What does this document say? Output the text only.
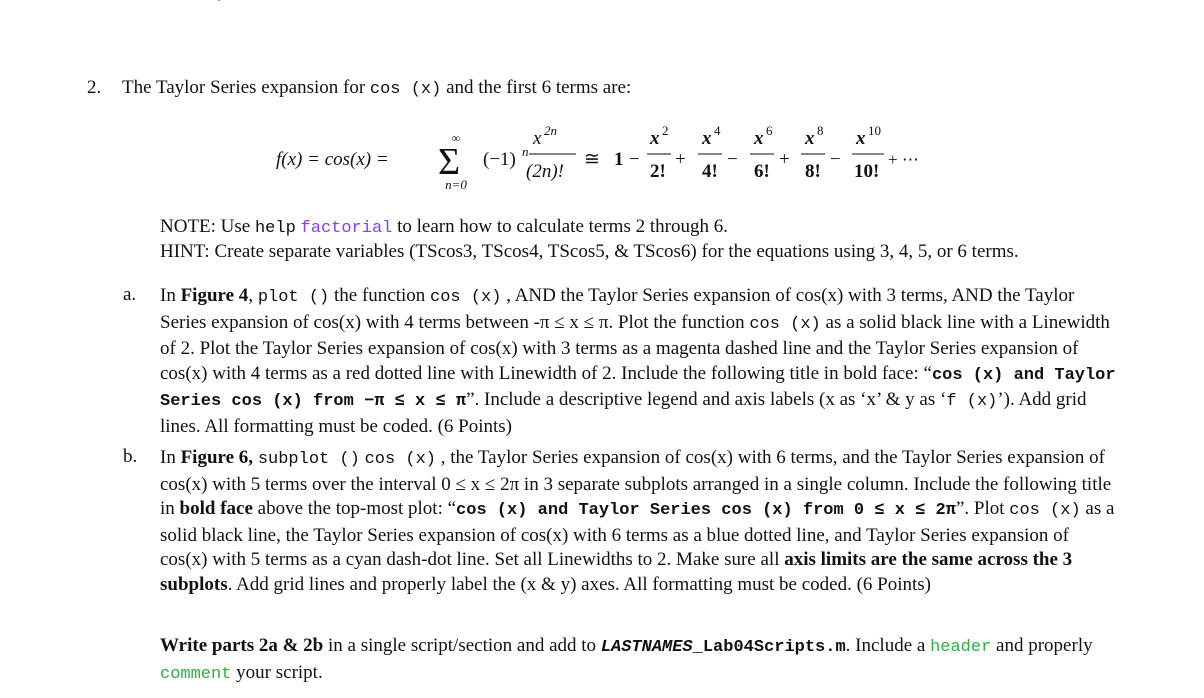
2. The Taylor Series expansion for cos (x) and the first 6 terms are:
f(x) = cos(x) =
∞
Σ
n=0
(−1) n
x 2n
(2n)!
≅ 1 −
x 2
2!
+
x 4
4!
−
x 6
6!
+
x 8
8!
−
x 10
10!
+ ⋯
NOTE: Use help factorial to learn how to calculate terms 2 through 6.
HINT: Create separate variables (TScos3, TScos4, TScos5, & TScos6) for the equations using 3, 4, 5, or 6 terms.
a. In Figure 4, plot () the function cos (x) , AND the Taylor Series expansion of cos(x) with 3 terms, AND the Taylor Series expansion of cos(x) with 4 terms between -π ≤ x ≤ π. Plot the function cos (x) as a solid black line with a Linewidth of 2. Plot the Taylor Series expansion of cos(x) with 3 terms as a magenta dashed line and the Taylor Series expansion of cos(x) with 4 terms as a red dotted line with Linewidth of 2. Include the following title in bold face: “cos (x) and Taylor Series cos (x) from −π ≤ x ≤ π”. Include a descriptive legend and axis labels (x as ‘x’ & y as ‘f (x)’). Add grid lines. All formatting must be coded. (6 Points)
b. In Figure 6, subplot () cos (x) , the Taylor Series expansion of cos(x) with 6 terms, and the Taylor Series expansion of cos(x) with 5 terms over the interval 0 ≤ x ≤ 2π in 3 separate subplots arranged in a single column. Include the following title in bold face above the top-most plot: “cos (x) and Taylor Series cos (x) from 0 ≤ x ≤ 2π”. Plot cos (x) as a solid black line, the Taylor Series expansion of cos(x) with 6 terms as a blue dotted line, and Taylor Series expansion of cos(x) with 5 terms as a cyan dash-dot line. Set all Linewidths to 2. Make sure all axis limits are the same across the 3 subplots. Add grid lines and properly label the (x & y) axes. All formatting must be coded. (6 Points)
Write parts 2a & 2b in a single script/section and add to LASTNAMES_Lab04Scripts.m. Include a header and properly comment your script.
